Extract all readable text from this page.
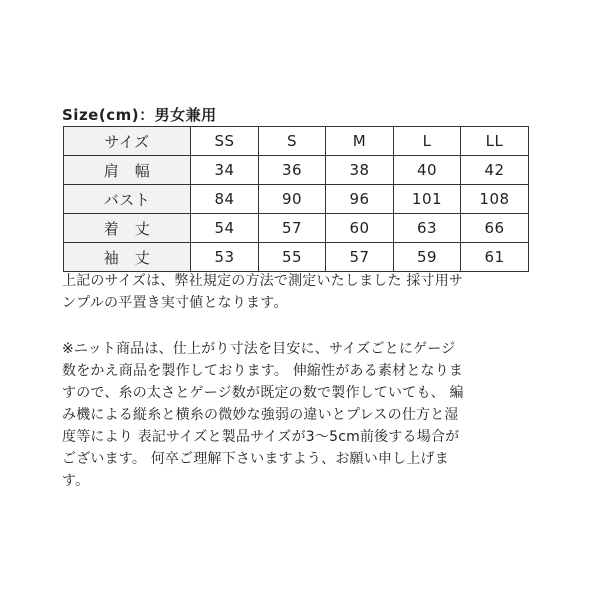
Size(cm)：男女兼用
サイズ	SS	S	M	L	LL
肩　幅	34	36	38	40	42
バスト	84	90	96	101	108
着　丈	54	57	60	63	66
袖　丈	53	55	57	59	61

上記のサイズは、弊社規定の方法で測定いたしました 採寸用サ

ンプルの平置き実寸値となります。

※ニット商品は、仕上がり寸法を目安に、サイズごとにゲージ

数をかえ商品を製作しております。 伸縮性がある素材となりま

すので、糸の太さとゲージ数が既定の数で製作していても、 編

み機による縦糸と横糸の微妙な強弱の違いとプレスの仕方と湿

度等により 表記サイズと製品サイズが3～5cm前後する場合が

ございます。 何卒ご理解下さいますよう、お願い申し上げま

す。
